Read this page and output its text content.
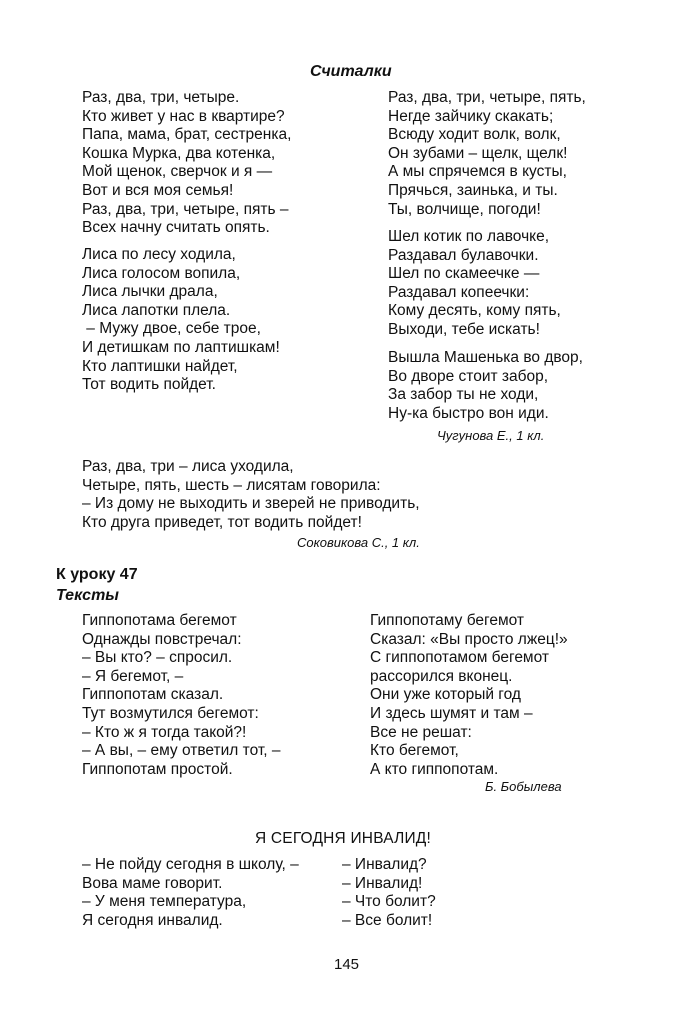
Считалки
Раз, два, три, четыре.
Кто живет у нас в квартире?
Папа, мама, брат, сестренка,
Кошка Мурка, два котенка,
Мой щенок, сверчок и я —
Вот и вся моя семья!
Раз, два, три, четыре, пять –
Всех начну считать опять.
Лиса по лесу ходила,
Лиса голосом вопила,
Лиса лычки драла,
Лиса лапотки плела.
– Мужу двое, себе трое,
И детишкам по лаптишкам!
Кто лаптишки найдет,
Тот водить пойдет.
Раз, два, три, четыре, пять,
Негде зайчику скакать;
Всюду ходит волк, волк,
Он зубами – щелк, щелк!
А мы спрячемся в кусты,
Прячься, заинька, и ты.
Ты, волчище, погоди!
Шел котик по лавочке,
Раздавал булавочки.
Шел по скамеечке —
Раздавал копеечки:
Кому десять, кому пять,
Выходи, тебе искать!
Вышла Машенька во двор,
Во дворе стоит забор,
За забор ты не ходи,
Ну-ка быстро вон иди.
Чугунова Е., 1 кл.
Раз, два, три – лиса уходила,
Четыре, пять, шесть – лисятам говорила:
– Из дому не выходить и зверей не приводить,
Кто друга приведет, тот водить пойдет!
Соковикова С., 1 кл.
К уроку 47
Тексты
Гиппопотама бегемот
Однажды повстречал:
– Вы кто? – спросил.
– Я бегемот, –
Гиппопотам сказал.
Тут возмутился бегемот:
– Кто ж я тогда такой?!
– А вы, – ему ответил тот, –
Гиппопотам простой.
Гиппопотаму бегемот
Сказал: «Вы просто лжец!»
С гиппопотамом бегемот
рассорился вконец.
Они уже который год
И здесь шумят и там –
Все не решат:
Кто бегемот,
А кто гиппопотам.
Б. Бобылева
Я СЕГОДНЯ ИНВАЛИД!
– Не пойду сегодня в школу, –
Вова маме говорит.
– У меня температура,
Я сегодня инвалид.
– Инвалид?
– Инвалид!
– Что болит?
– Все болит!
145
